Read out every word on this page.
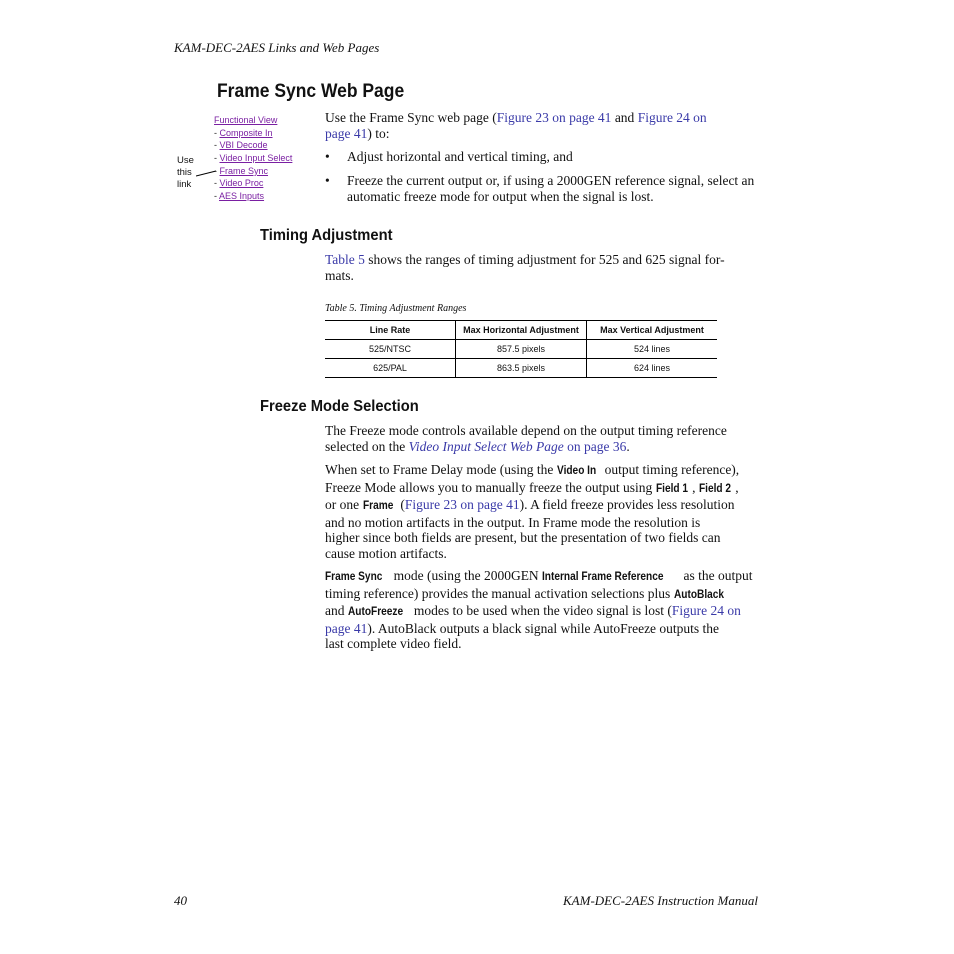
KAM-DEC-2AES Links and Web Pages
Frame Sync Web Page
Functional View
- Composite In
- VBI Decode
- Video Input Select
- Frame Sync
- Video Proc
- AES Inputs
Use
this
link
Use the Frame Sync web page (Figure 23 on page 41 and Figure 24 on
page 41) to:
• Adjust horizontal and vertical timing, and
• Freeze the current output or, if using a 2000GEN reference signal, select an automatic freeze mode for output when the signal is lost.
Timing Adjustment
Table 5 shows the ranges of timing adjustment for 525 and 625 signal for-
mats.
Table 5. Timing Adjustment Ranges
Line Rate	Max Horizontal Adjustment	Max Vertical Adjustment
525/NTSC	857.5 pixels	524 lines
625/PAL	863.5 pixels	624 lines
Freeze Mode Selection
The Freeze mode controls available depend on the output timing reference
selected on the Video Input Select Web Page on page 36.
When set to Frame Delay mode (using the Video In output timing reference),
Freeze Mode allows you to manually freeze the output using Field 1 , Field 2 ,
or one Frame (Figure 23 on page 41). A field freeze provides less resolution
and no motion artifacts in the output. In Frame mode the resolution is
higher since both fields are present, but the presentation of two fields can
cause motion artifacts.
Frame Sync mode (using the 2000GEN Internal Frame Reference as the output
timing reference) provides the manual activation selections plus AutoBlack
and AutoFreeze modes to be used when the video signal is lost (Figure 24 on
page 41). AutoBlack outputs a black signal while AutoFreeze outputs the
last complete video field.
40	KAM-DEC-2AES Instruction Manual
